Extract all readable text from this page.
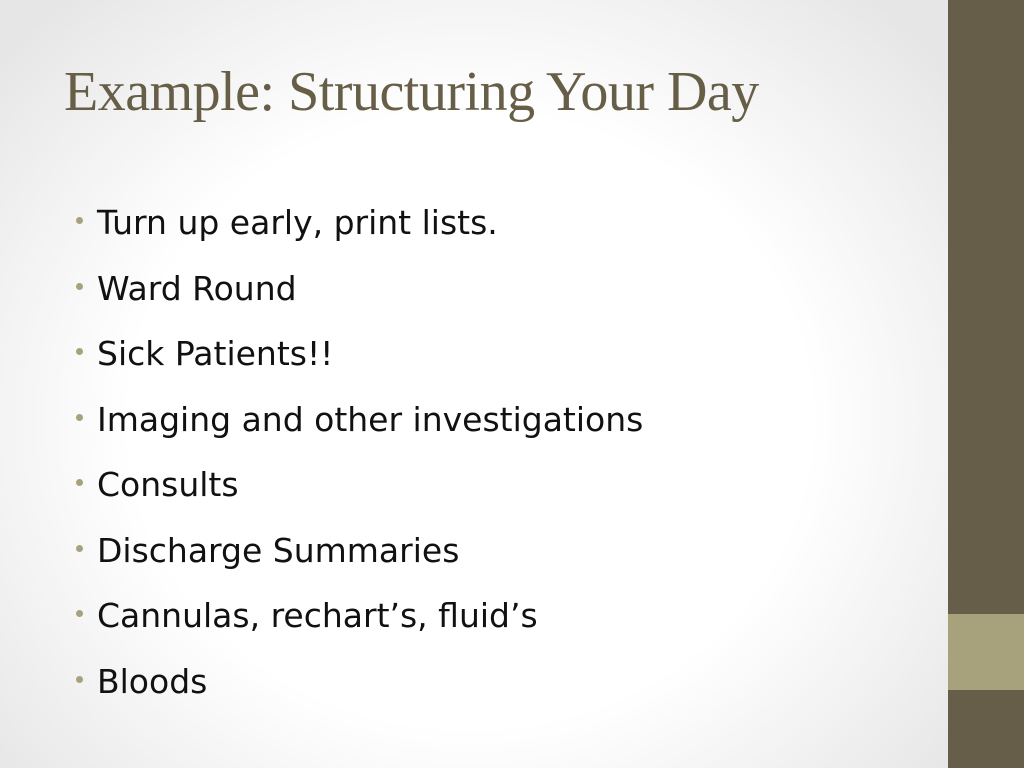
Example: Structuring Your Day
Turn up early, print lists.
Ward Round
Sick Patients!!
Imaging and other investigations
Consults
Discharge Summaries
Cannulas, rechart’s, fluid’s
Bloods
